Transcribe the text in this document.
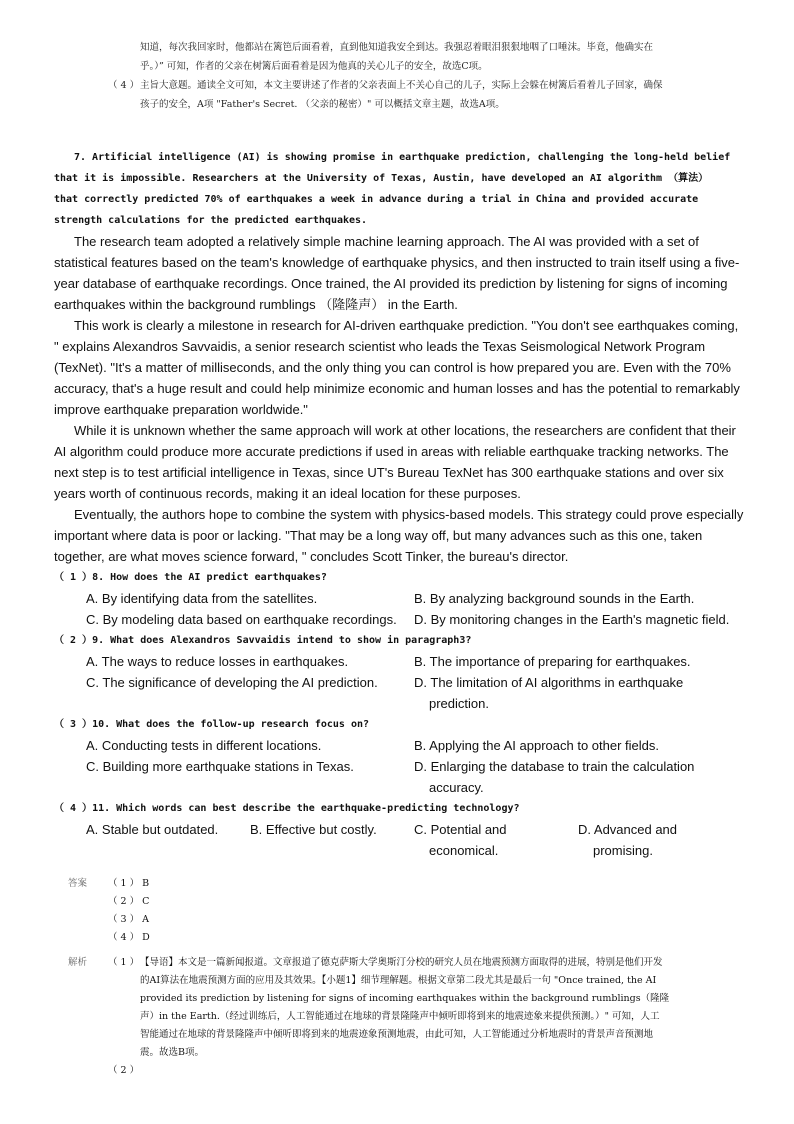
知道，每次我回家时，他都站在篱笆后面看着，直到他知道我安全到达。我强忍着眼泪狠狠地咽了口唾沫。毕竟，他确实在

乎。）” 可知，作者的父亲在树篱后面看着是因为他真的关心儿子的安全，故选C项。

（ 4 ） 主旨大意题。通读全文可知，本文主要讲述了作者的父亲表面上不关心自己的儿子，实际上会躲在树篱后看着儿子回家，确保

孩子的安全，A项 "Father's Secret. （父亲的秘密）" 可以概括文章主题，故选A项。

7. Artificial intelligence (AI) is showing promise in earthquake prediction, challenging the long-held belief

that it is impossible. Researchers at the University of Texas, Austin, have developed an AI algorithm （算法）

that correctly predicted 70% of earthquakes a week in advance during a trial in China and provided accurate

strength calculations for the predicted earthquakes.

The research team adopted a relatively simple machine learning approach. The AI was provided with a set of statistical features based on the team's knowledge of earthquake physics, and then instructed to train itself using a five-year database of earthquake recordings. Once trained, the AI provided its prediction by listening for signs of incoming earthquakes within the background rumblings （隆隆声） in the Earth.

This work is clearly a milestone in research for AI-driven earthquake prediction. "You don't see earthquakes coming, " explains Alexandros Savvaidis, a senior research scientist who leads the Texas Seismological Network Program (TexNet). "It's a matter of milliseconds, and the only thing you can control is how prepared you are. Even with the 70% accuracy, that's a huge result and could help minimize economic and human losses and has the potential to remarkably improve earthquake preparation worldwide."

While it is unknown whether the same approach will work at other locations, the researchers are confident that their AI algorithm could produce more accurate predictions if used in areas with reliable earthquake tracking networks. The next step is to test artificial intelligence in Texas, since UT's Bureau TexNet has 300 earthquake stations and over six years worth of continuous records, making it an ideal location for these purposes.

Eventually, the authors hope to combine the system with physics-based models. This strategy could prove especially important where data is poor or lacking. "That may be a long way off, but many advances such as this one, taken together, are what moves science forward, " concludes Scott Tinker, the bureau's director.

（ 1 ）8. How does the AI predict earthquakes?
A. By identifying data from the satellites.	B. By analyzing background sounds in the Earth.
C. By modeling data based on earthquake recordings.	D. By monitoring changes in the Earth's magnetic field.
（ 2 ）9. What does Alexandros Savvaidis intend to show in paragraph3?
A. The ways to reduce losses in earthquakes.	B. The importance of preparing for earthquakes.
C. The significance of developing the AI prediction.	D. The limitation of AI algorithms in earthquake prediction.
（ 3 ）10. What does the follow-up research focus on?
A. Conducting tests in different locations.	B. Applying the AI approach to other fields.
C. Building more earthquake stations in Texas.	D. Enlarging the database to train the calculation accuracy.
（ 4 ）11. Which words can best describe the earthquake-predicting technology?
A. Stable but outdated.	B. Effective but costly.	C. Potential and economical.
D. Advanced and promising.
答案 （ 1 ） B

（ 2 ） C

（ 3 ） A

（ 4 ） D

解析 （ 1 ） 【导语】本文是一篇新闻报道。文章报道了德克萨斯大学奥斯汀分校的研究人员在地震预测方面取得的进展，特别是他们开发

的AI算法在地震预测方面的应用及其效果。【小题1】细节理解题。根据文章第二段尤其是最后一句 "Once trained, the AI

provided its prediction by listening for signs of incoming earthquakes within the background rumblings（隆隆

声）in the Earth.（经过训练后，人工智能通过在地球的背景隆隆声中倾听即将到来的地震迹象来提供预测。）" 可知，人工

智能通过在地球的背景隆隆声中倾听即将到来的地震迹象预测地震，由此可知，人工智能通过分析地震时的背景声音预测地

震。故选B项。

（ 2 ）
